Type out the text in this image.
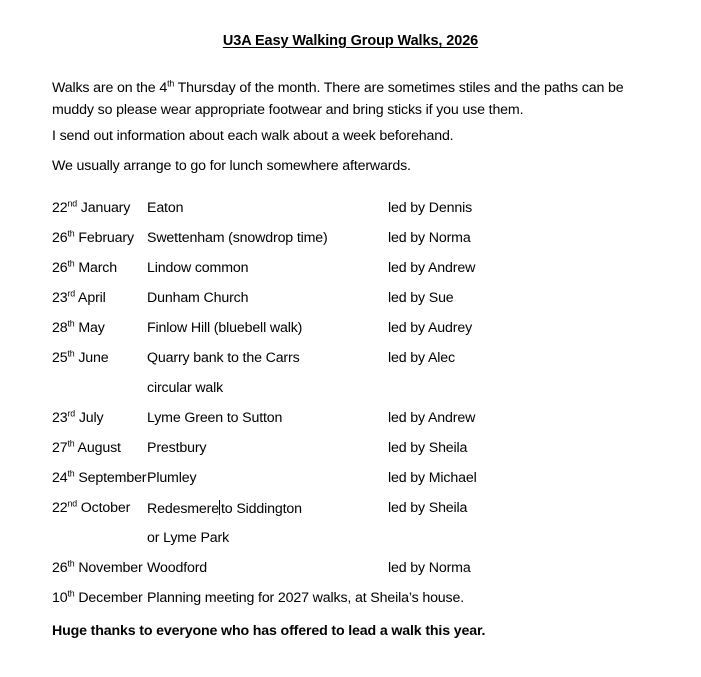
U3A Easy Walking Group Walks, 2026

Walks are on the 4th Thursday of the month. There are sometimes stiles and the paths can be muddy so please wear appropriate footwear and bring sticks if you use them.

I send out information about each walk about a week beforehand.

We usually arrange to go for lunch somewhere afterwards.

22nd January Eaton	led by Dennis
26th February Swettenham (snowdrop time)	led by Norma
26th March Lindow common	led by Andrew
23rd April	Dunham Church	led by Sue
28th May	Finlow Hill (bluebell walk)	led by Audrey
25th June	Quarry bank to the Carrs	led by Alec
circular walk
23rd July	Lyme Green to Sutton	led by Andrew
27th August Prestbury	led by Sheila
24th September Plumley	led by Michael
22nd October Redesmere to Siddington	led by Sheila
or Lyme Park
26th November Woodford	led by Norma
10th December Planning meeting for 2027 walks, at Sheila’s house.
Huge thanks to everyone who has offered to lead a walk this year.
